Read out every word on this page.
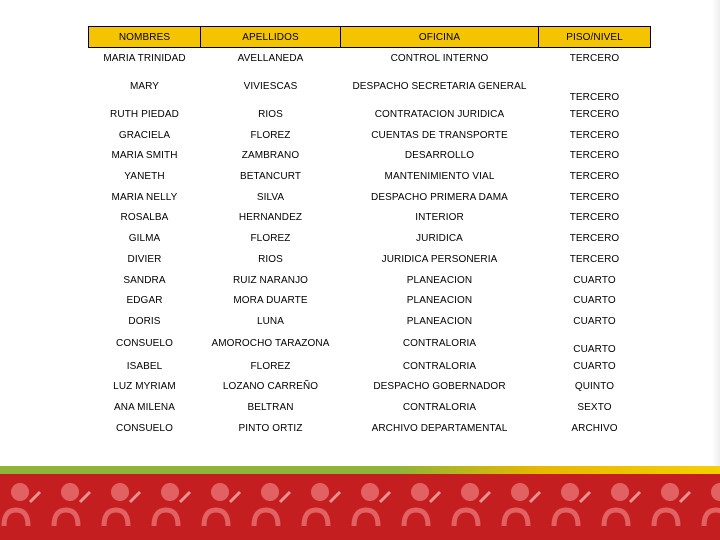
NOMBRES	APELLIDOS	OFICINA	PISO/NIVEL
MARIA TRINIDAD	AVELLANEDA	CONTROL INTERNO	TERCERO
MARY	VIVIESCAS	DESPACHO SECRETARIA GENERAL	TERCERO
RUTH PIEDAD	RIOS	CONTRATACION JURIDICA	TERCERO
GRACIELA	FLOREZ	CUENTAS DE TRANSPORTE	TERCERO
MARIA SMITH	ZAMBRANO	DESARROLLO	TERCERO
YANETH	BETANCURT	MANTENIMIENTO VIAL	TERCERO
MARIA NELLY	SILVA	DESPACHO PRIMERA DAMA	TERCERO
ROSALBA	HERNANDEZ	INTERIOR	TERCERO
GILMA	FLOREZ	JURIDICA	TERCERO
DIVIER	RIOS	JURIDICA PERSONERIA	TERCERO
SANDRA	RUIZ NARANJO	PLANEACION	CUARTO
EDGAR	MORA DUARTE	PLANEACION	CUARTO
DORIS	LUNA	PLANEACION	CUARTO
CONSUELO	AMOROCHO TARAZONA	CONTRALORIA	CUARTO
ISABEL	FLOREZ	CONTRALORIA	CUARTO
LUZ MYRIAM	LOZANO CARREÑO	DESPACHO GOBERNADOR	QUINTO
ANA MILENA	BELTRAN	CONTRALORIA	SEXTO
CONSUELO	PINTO ORTIZ	ARCHIVO DEPARTAMENTAL	ARCHIVO
